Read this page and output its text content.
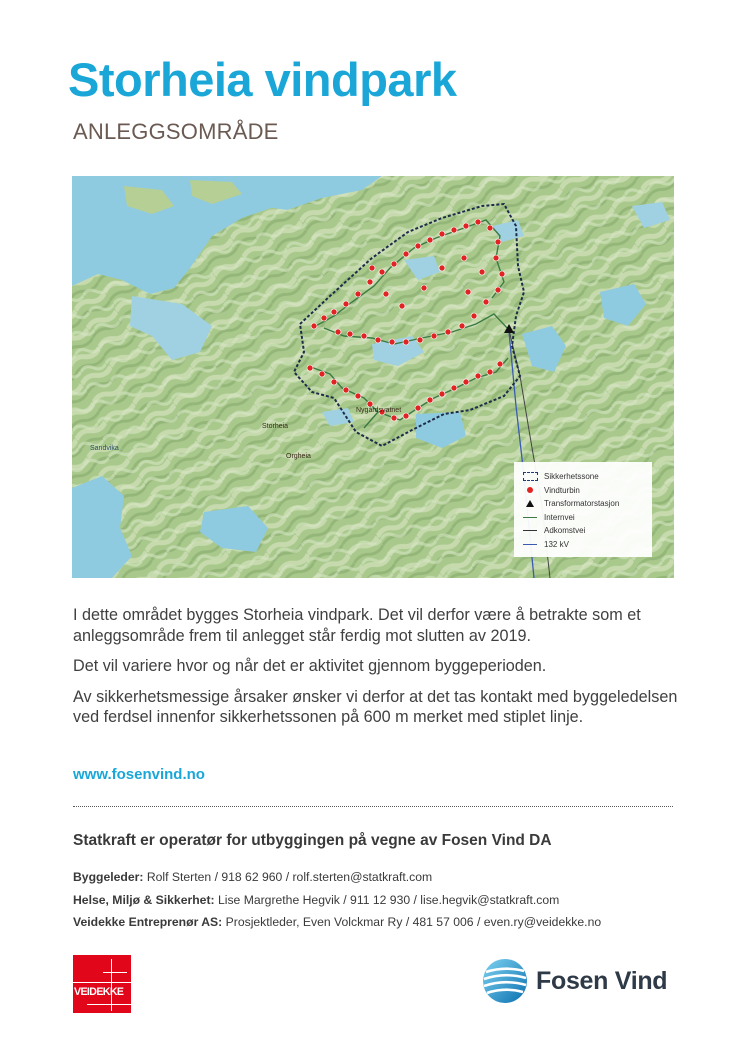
Storheia vindpark
ANLEGGSOMRÅDE
Sandvika
Nygårdsvatnet
Storheia
Orgheia
Sikkerhetssone
Vindturbin
Transformatorstasjon
Internvei
Adkomstvei
132 kV

I dette området bygges Storheia vindpark. Det vil derfor være å betrakte som et anleggsområde frem til anlegget står ferdig mot slutten av 2019.

Det vil variere hvor og når det er aktivitet gjennom byggeperioden.

Av sikkerhetsmessige årsaker ønsker vi derfor at det tas kontakt med byggeledelsen ved ferdsel innenfor sikkerhetssonen på 600 m merket med stiplet linje.

www.fosenvind.no
Statkraft er operatør for utbyggingen på vegne av Fosen Vind DA
Byggeleder: Rolf Sterten / 918 62 960 / rolf.sterten@statkraft.com
Helse, Miljø & Sikkerhet: Lise Margrethe Hegvik / 911 12 930 / lise.hegvik@statkraft.com
Veidekke Entreprenør AS: Prosjektleder, Even Volckmar Ry / 481 57 006 / even.ry@veidekke.no
VEIDEKKE	Fosen Vind
